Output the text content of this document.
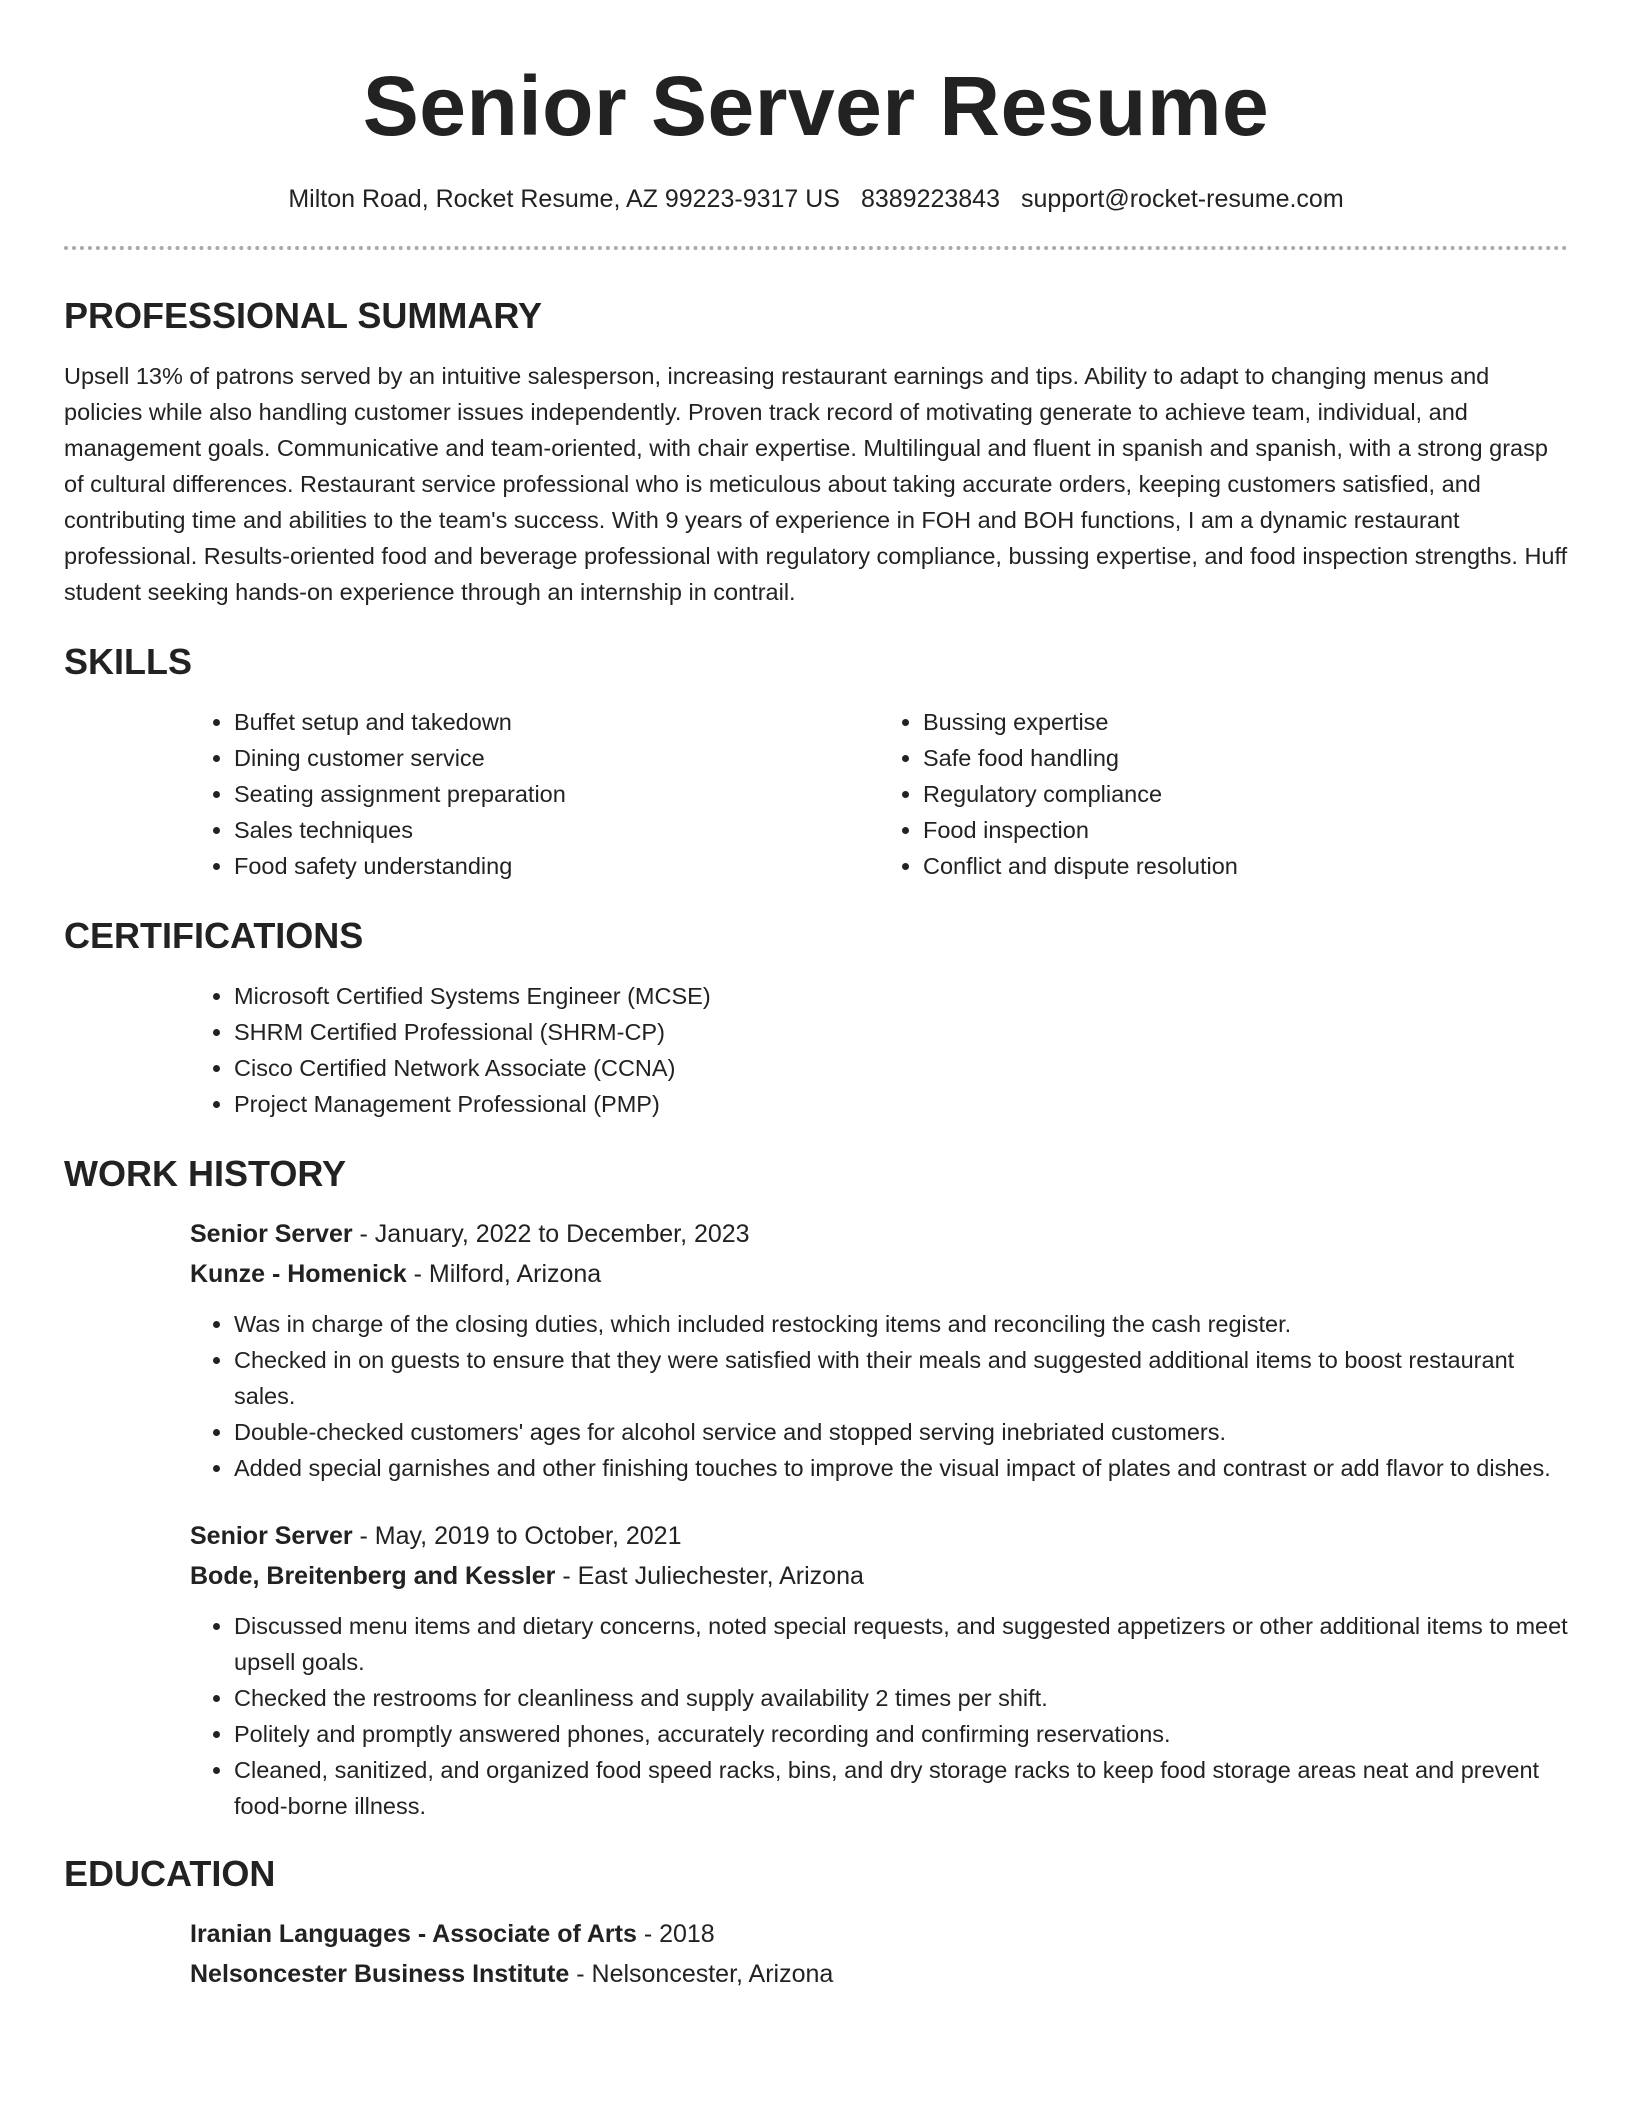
Senior Server Resume
Milton Road, Rocket Resume, AZ 99223-9317 US 8389223843 support@rocket-resume.com
PROFESSIONAL SUMMARY

Upsell 13% of patrons served by an intuitive salesperson, increasing restaurant earnings and tips. Ability to adapt to changing menus and policies while also handling customer issues independently. Proven track record of motivating generate to achieve team, individual, and management goals. Communicative and team-oriented, with chair expertise. Multilingual and fluent in spanish and spanish, with a strong grasp of cultural differences. Restaurant service professional who is meticulous about taking accurate orders, keeping customers satisfied, and contributing time and abilities to the team's success. With 9 years of experience in FOH and BOH functions, I am a dynamic restaurant professional. Results-oriented food and beverage professional with regulatory compliance, bussing expertise, and food inspection strengths. Huff student seeking hands-on experience through an internship in contrail.

SKILLS
• Buffet setup and takedown
• Dining customer service
• Seating assignment preparation
• Sales techniques
• Food safety understanding
• Bussing expertise
• Safe food handling
• Regulatory compliance
• Food inspection
• Conflict and dispute resolution
CERTIFICATIONS
• Microsoft Certified Systems Engineer (MCSE)
• SHRM Certified Professional (SHRM-CP)
• Cisco Certified Network Associate (CCNA)
• Project Management Professional (PMP)
WORK HISTORY
Senior Server - January, 2022 to December, 2023
Kunze - Homenick - Milford, Arizona
• Was in charge of the closing duties, which included restocking items and reconciling the cash register.
• Checked in on guests to ensure that they were satisfied with their meals and suggested additional items to boost restaurant sales.
• Double-checked customers' ages for alcohol service and stopped serving inebriated customers.
• Added special garnishes and other finishing touches to improve the visual impact of plates and contrast or add flavor to dishes.
Senior Server - May, 2019 to October, 2021
Bode, Breitenberg and Kessler - East Juliechester, Arizona
• Discussed menu items and dietary concerns, noted special requests, and suggested appetizers or other additional items to meet upsell goals.
• Checked the restrooms for cleanliness and supply availability 2 times per shift.
• Politely and promptly answered phones, accurately recording and confirming reservations.
• Cleaned, sanitized, and organized food speed racks, bins, and dry storage racks to keep food storage areas neat and prevent food-borne illness.
EDUCATION
Iranian Languages - Associate of Arts - 2018
Nelsoncester Business Institute - Nelsoncester, Arizona
